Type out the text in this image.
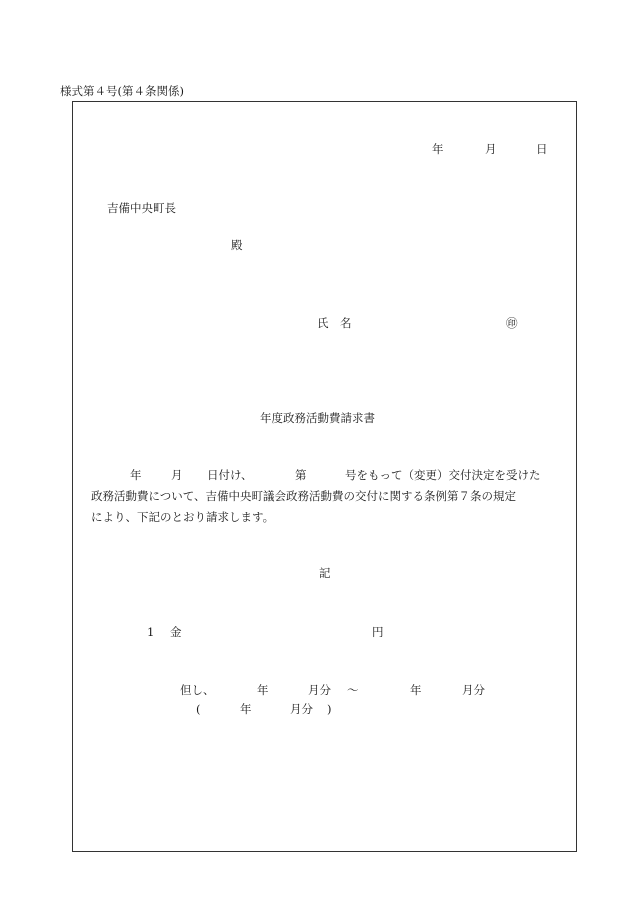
様式第４号(第４条関係)
年	月	日
吉備中央町長
殿
氏　名	㊞
年度政務活動費請求書
年	月 日付け、	第	号をもって（変更）交付決定を受けた
政務活動費について、吉備中央町議会政務活動費の交付に関する条例第７条の規定
により、下記のとおり請求します。
記
1 金	円
但し、	年	月分 ～	年	月分
(	年	月分 )
